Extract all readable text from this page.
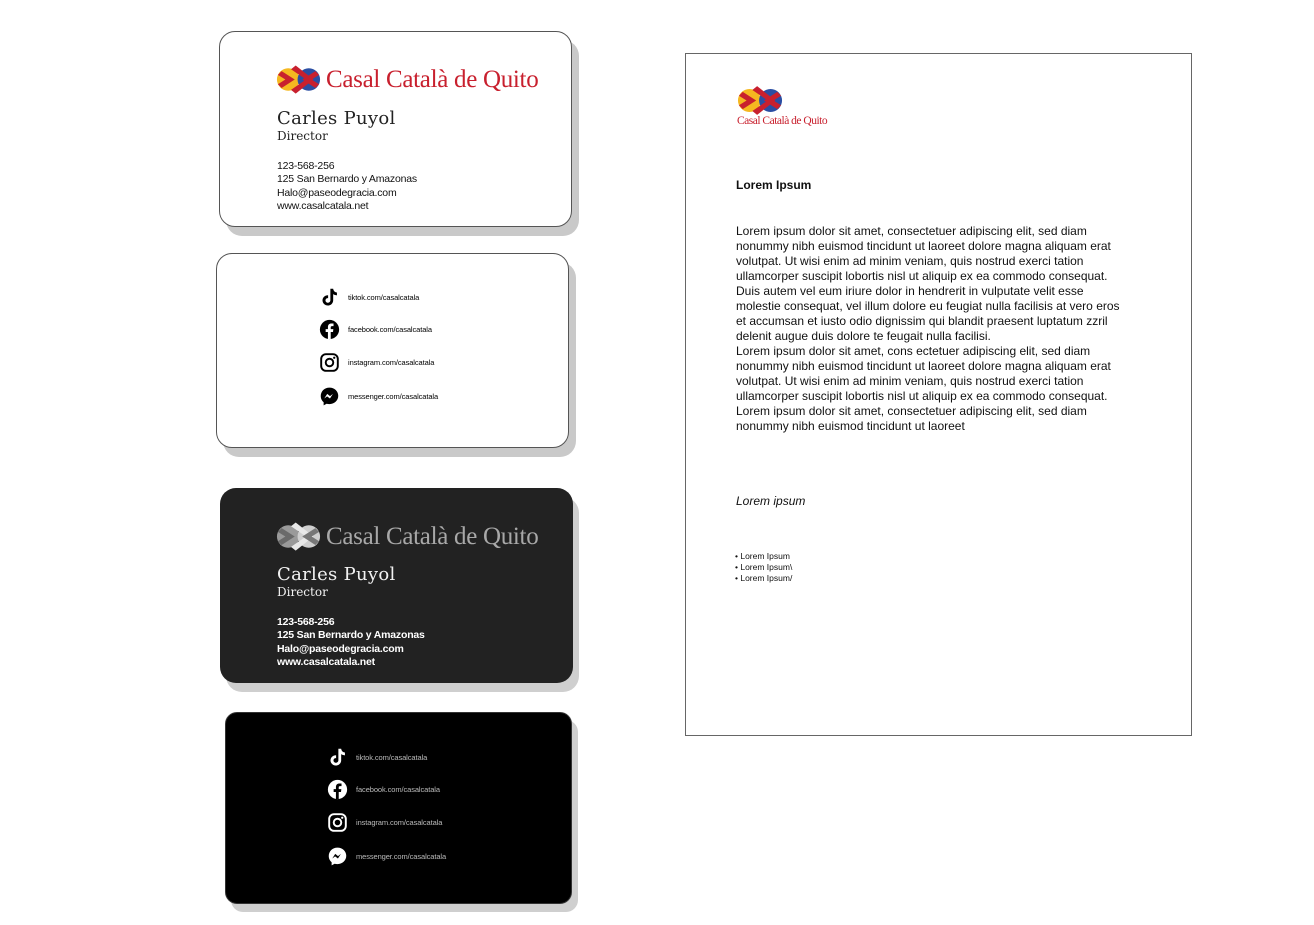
Casal Català de Quito
Carles Puyol
Director
123-568-256
125 San Bernardo y Amazonas
Halo@paseodegracia.com
www.casalcatala.net
tiktok.com/casalcatala
facebook.com/casalcatala
instagram.com/casalcatala
messenger.com/casalcatala
Casal Català de Quito
Carles Puyol
Director
123-568-256
125 San Bernardo y Amazonas
Halo@paseodegracia.com
www.casalcatala.net
tiktok.com/casalcatala
facebook.com/casalcatala
instagram.com/casalcatala
messenger.com/casalcatala
Casal Català de Quito
Lorem Ipsum

Lorem ipsum dolor sit amet, consectetuer adipiscing elit, sed diam nonummy nibh euismod tincidunt ut laoreet dolore magna aliquam erat volutpat. Ut wisi enim ad minim veniam, quis nostrud exerci tation ullamcorper suscipit lobortis nisl ut aliquip ex ea commodo consequat. Duis autem vel eum iriure dolor in hendrerit in vulputate velit esse molestie consequat, vel illum dolore eu feugiat nulla facilisis at vero eros et accumsan et iusto odio dignissim qui blandit praesent luptatum zzril delenit augue duis dolore te feugait nulla facilisi.

Lorem ipsum dolor sit amet, cons ectetuer adipiscing elit, sed diam nonummy nibh euismod tincidunt ut laoreet dolore magna aliquam erat volutpat. Ut wisi enim ad minim veniam, quis nostrud exerci tation ullamcorper suscipit lobortis nisl ut aliquip ex ea commodo consequat.

Lorem ipsum dolor sit amet, consectetuer adipiscing elit, sed diam nonummy nibh euismod tincidunt ut laoreet

Lorem ipsum
• Lorem Ipsum
• Lorem Ipsum\
• Lorem Ipsum/
